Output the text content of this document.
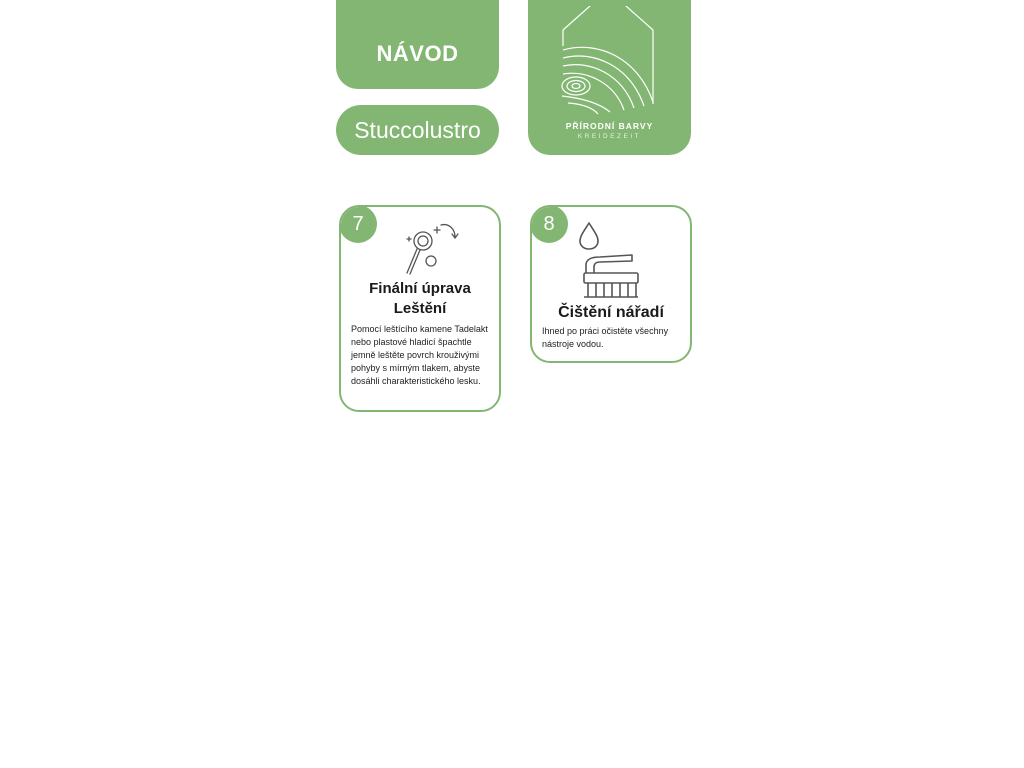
NÁVOD
Stuccolustro	PŘÍRODNÍ BARVY
KREIDEZEIT
7
Finální úprava
Leštění
Pomocí leštícího kamene Tadelakt nebo plastové hladicí špachtle jemně leštěte povrch krouživými pohyby s mírným tlakem, abyste dosáhli charakteristického lesku.
8
Čištění nářadí
Ihned po práci očistěte všechny nástroje vodou.
